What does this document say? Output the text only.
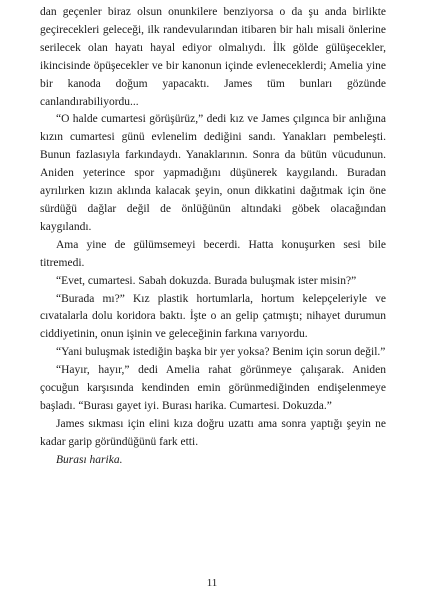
dan geçenler biraz olsun onunkilere benziyorsa o da şu anda birlikte geçirecekleri geleceği, ilk randevularından itibaren bir halı misali önlerine serilecek olan hayatı hayal ediyor olmalıydı. İlk gölde gülüşecekler, ikincisinde öpüşecekler ve bir kanonun içinde evleneceklerdi; Amelia yine bir kanoda doğum yapacaktı. James tüm bunları gözünde canlandırabiliyordu...

“O halde cumartesi görüşürüz,” dedi kız ve James çılgınca bir anlığına kızın cumartesi günü evlenelim dediğini sandı. Yanakları pembeleşti. Bunun fazlasıyla farkındaydı. Yanaklarının. Sonra da bütün vücudunun. Aniden yeterince spor yapmadığını düşünerek kaygılandı. Buradan ayrılırken kızın aklında kalacak şeyin, onun dikkatini dağıtmak için öne sürdüğü dağlar değil de önlüğünün altındaki göbek olacağından kaygılandı.

Ama yine de gülümsemeyi becerdi. Hatta konuşurken sesi bile titremedi.

“Evet, cumartesi. Sabah dokuzda. Burada buluşmak ister misin?”

“Burada mı?” Kız plastik hortumlarla, hortum kelepçeleriyle ve cıvatalarla dolu koridora baktı. İşte o an gelip çatmıştı; nihayet durumun ciddiyetinin, onun işinin ve geleceğinin farkına varıyordu.

“Yani buluşmak istediğin başka bir yer yoksa? Benim için sorun değil.”

“Hayır, hayır,” dedi Amelia rahat görünmeye çalışarak. Aniden çocuğun karşısında kendinden emin görünmediğinden endişelenmeye başladı. “Burası gayet iyi. Burası harika. Cumartesi. Dokuzda.”

James sıkması için elini kıza doğru uzattı ama sonra yaptığı şeyin ne kadar garip göründüğünü fark etti.

Burası harika.

11
